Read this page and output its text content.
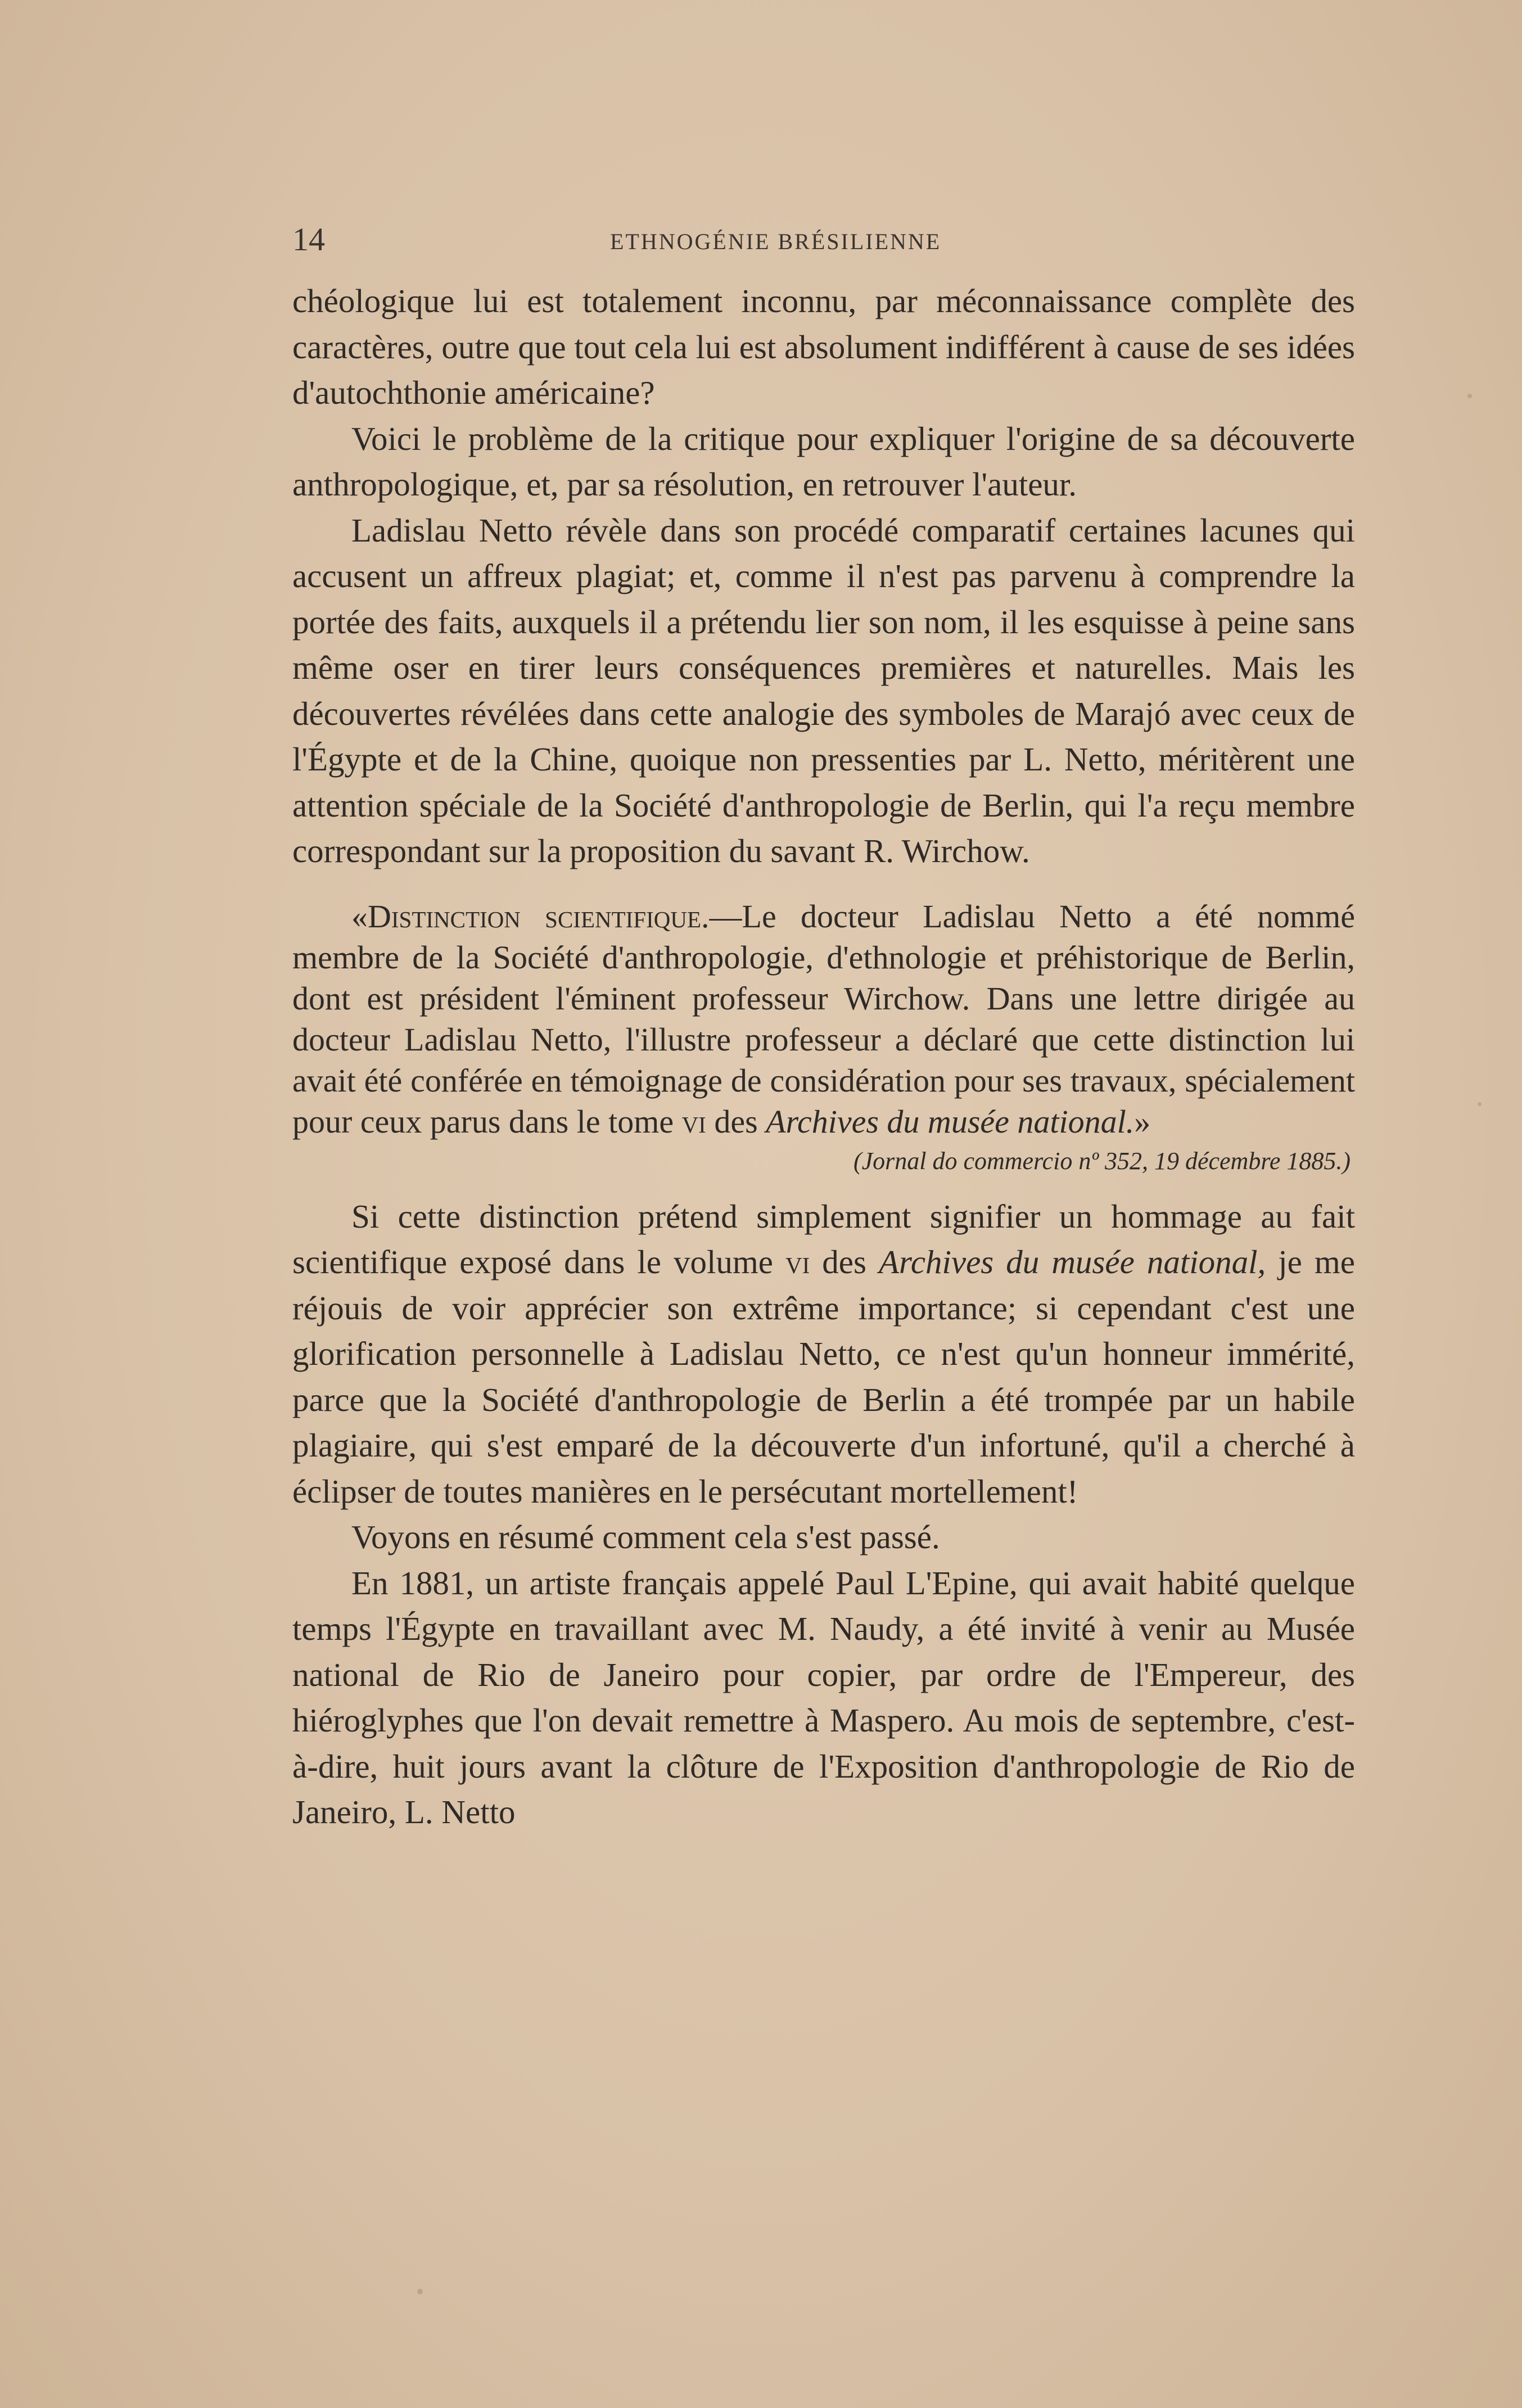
14	ETHNOGÉNIE BRÉSILIENNE

chéologique lui est totalement inconnu, par méconnaissance complète des caractères, outre que tout cela lui est absolument indifférent à cause de ses idées d'autochthonie américaine?

Voici le problème de la critique pour expliquer l'origine de sa découverte anthropologique, et, par sa résolution, en retrouver l'auteur.

Ladislau Netto révèle dans son procédé comparatif certaines lacunes qui accusent un affreux plagiat; et, comme il n'est pas parvenu à comprendre la portée des faits, auxquels il a prétendu lier son nom, il les esquisse à peine sans même oser en tirer leurs conséquences premières et naturelles. Mais les découvertes révélées dans cette analogie des symboles de Marajó avec ceux de l'Égypte et de la Chine, quoique non pressenties par L. Netto, méritèrent une attention spéciale de la Société d'anthropologie de Berlin, qui l'a reçu membre correspondant sur la proposition du savant R. Wirchow.

«Distinction scientifique.—Le docteur Ladislau Netto a été nommé membre de la Société d'anthropologie, d'ethnologie et préhistorique de Berlin, dont est président l'éminent professeur Wirchow. Dans une lettre dirigée au docteur Ladislau Netto, l'illustre professeur a déclaré que cette distinction lui avait été conférée en témoignage de considération pour ses travaux, spécialement pour ceux parus dans le tome vi des Archives du musée national.»

(Jornal do commercio nº 352, 19 décembre 1885.)

Si cette distinction prétend simplement signifier un hommage au fait scientifique exposé dans le volume vi des Archives du musée national, je me réjouis de voir apprécier son extrême importance; si cependant c'est une glorification personnelle à Ladislau Netto, ce n'est qu'un honneur immérité, parce que la Société d'anthropologie de Berlin a été trompée par un habile plagiaire, qui s'est emparé de la découverte d'un infortuné, qu'il a cherché à éclipser de toutes manières en le persécutant mortellement!

Voyons en résumé comment cela s'est passé.

En 1881, un artiste français appelé Paul L'Epine, qui avait habité quelque temps l'Égypte en travaillant avec M. Naudy, a été invité à venir au Musée national de Rio de Janeiro pour copier, par ordre de l'Empereur, des hiéroglyphes que l'on devait remettre à Maspero. Au mois de septembre, c'est-à-dire, huit jours avant la clôture de l'Exposition d'anthropologie de Rio de Janeiro, L. Netto
